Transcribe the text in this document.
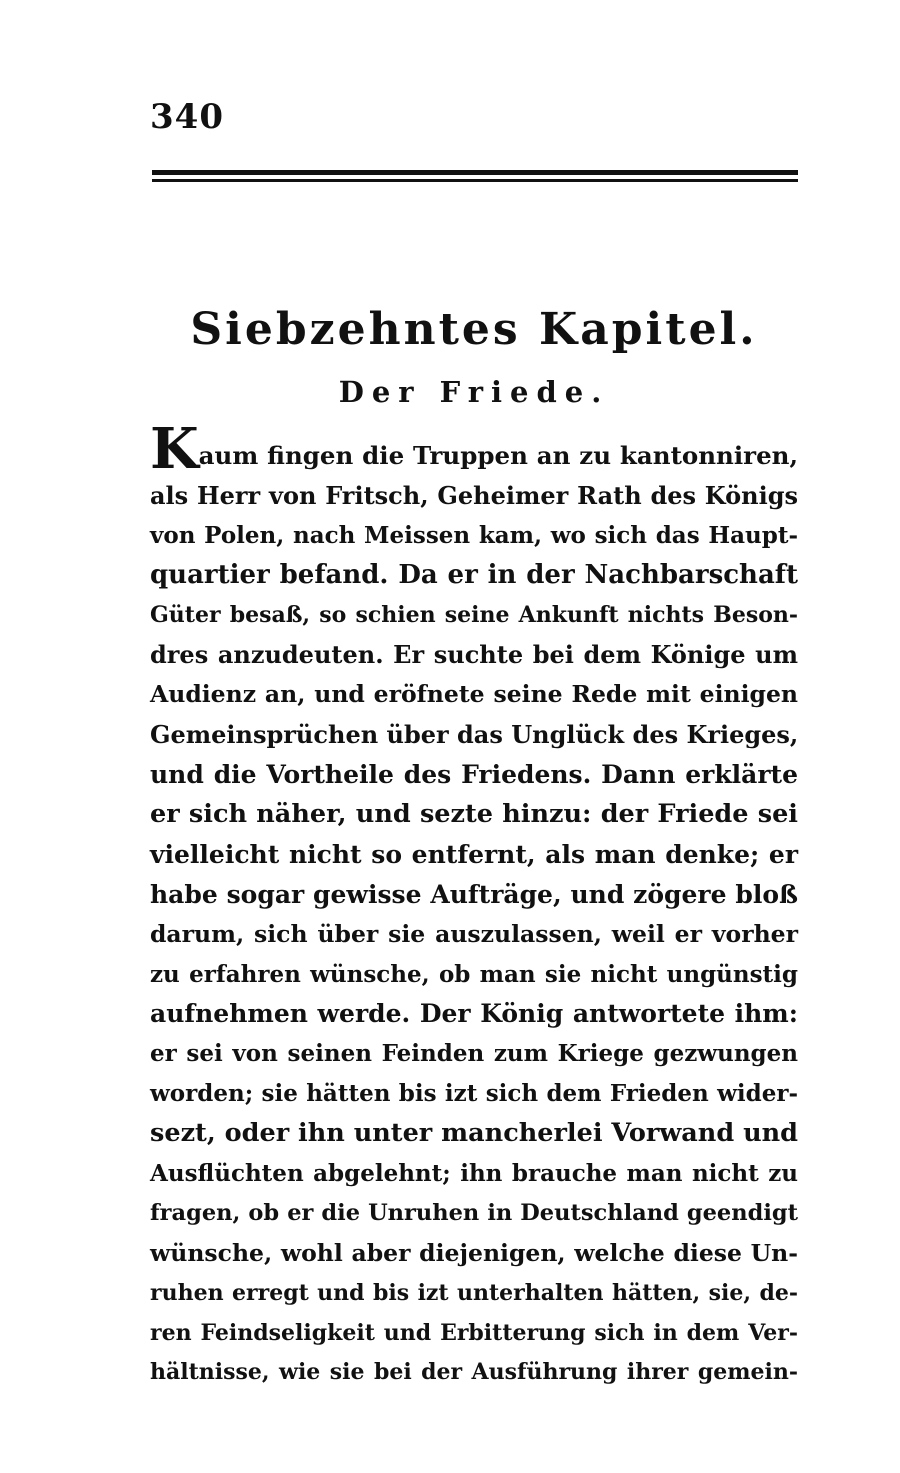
340
Siebzehntes Kapitel.
Der Friede.
Kaum fingen die Truppen an zu kantonniren,
als Herr von Fritsch, Geheimer Rath des Königs
von Polen, nach Meissen kam, wo sich das Haupt-
quartier befand. Da er in der Nachbarschaft
Güter besaß, so schien seine Ankunft nichts Beson-
dres anzudeuten. Er suchte bei dem Könige um
Audienz an, und eröfnete seine Rede mit einigen
Gemeinsprüchen über das Unglück des Krieges,
und die Vortheile des Friedens. Dann erklärte
er sich näher, und sezte hinzu: der Friede sei
vielleicht nicht so entfernt, als man denke; er
habe sogar gewisse Aufträge, und zögere bloß
darum, sich über sie auszulassen, weil er vorher
zu erfahren wünsche, ob man sie nicht ungünstig
aufnehmen werde. Der König antwortete ihm:
er sei von seinen Feinden zum Kriege gezwungen
worden; sie hätten bis izt sich dem Frieden wider-
sezt, oder ihn unter mancherlei Vorwand und
Ausflüchten abgelehnt; ihn brauche man nicht zu
fragen, ob er die Unruhen in Deutschland geendigt
wünsche, wohl aber diejenigen, welche diese Un-
ruhen erregt und bis izt unterhalten hätten, sie, de-
ren Feindseligkeit und Erbitterung sich in dem Ver-
hältnisse, wie sie bei der Ausführung ihrer gemein-
